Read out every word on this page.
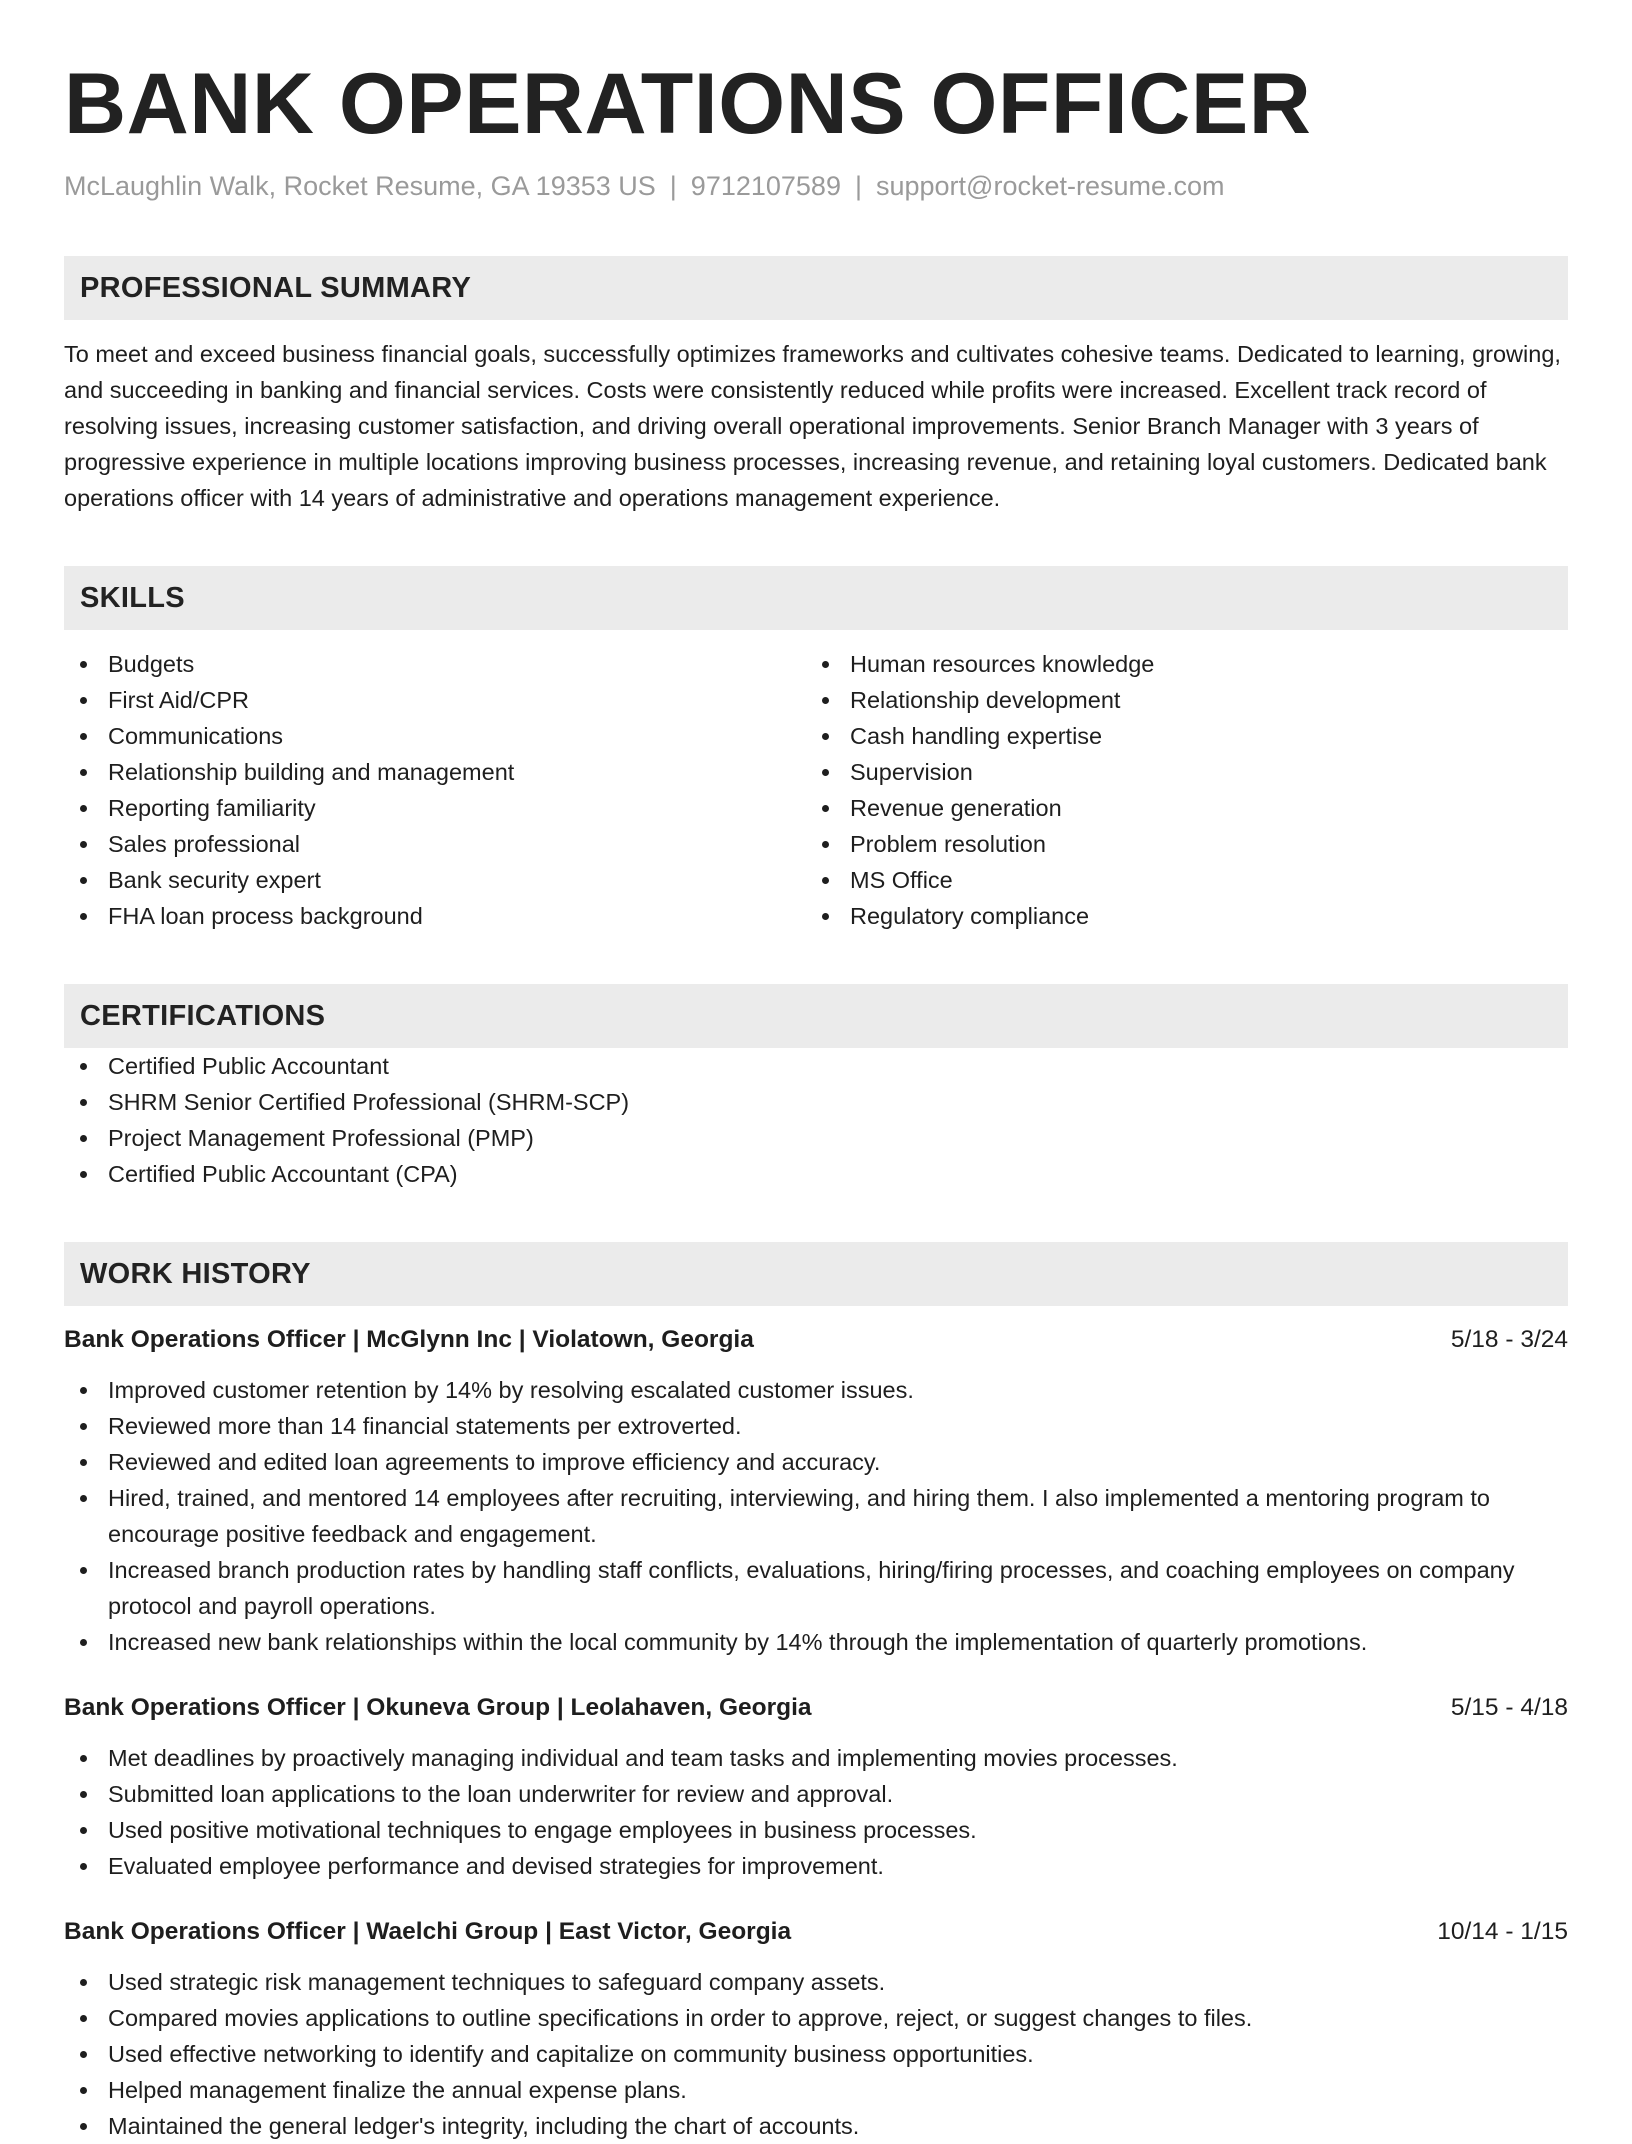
BANK OPERATIONS OFFICER
McLaughlin Walk, Rocket Resume, GA 19353 US | 9712107589 | support@rocket-resume.com
PROFESSIONAL SUMMARY
To meet and exceed business financial goals, successfully optimizes frameworks and cultivates cohesive teams. Dedicated to learning, growing, and succeeding in banking and financial services. Costs were consistently reduced while profits were increased. Excellent track record of resolving issues, increasing customer satisfaction, and driving overall operational improvements. Senior Branch Manager with 3 years of progressive experience in multiple locations improving business processes, increasing revenue, and retaining loyal customers. Dedicated bank operations officer with 14 years of administrative and operations management experience.
SKILLS
Budgets
First Aid/CPR
Communications
Relationship building and management
Reporting familiarity
Sales professional
Bank security expert
FHA loan process background
Human resources knowledge
Relationship development
Cash handling expertise
Supervision
Revenue generation
Problem resolution
MS Office
Regulatory compliance
CERTIFICATIONS
Certified Public Accountant
SHRM Senior Certified Professional (SHRM-SCP)
Project Management Professional (PMP)
Certified Public Accountant (CPA)
WORK HISTORY
Bank Operations Officer | McGlynn Inc | Violatown, Georgia	5/18 - 3/24
Improved customer retention by 14% by resolving escalated customer issues.
Reviewed more than 14 financial statements per extroverted.
Reviewed and edited loan agreements to improve efficiency and accuracy.
Hired, trained, and mentored 14 employees after recruiting, interviewing, and hiring them. I also implemented a mentoring program to encourage positive feedback and engagement.
Increased branch production rates by handling staff conflicts, evaluations, hiring/firing processes, and coaching employees on company protocol and payroll operations.
Increased new bank relationships within the local community by 14% through the implementation of quarterly promotions.
Bank Operations Officer | Okuneva Group | Leolahaven, Georgia	5/15 - 4/18
Met deadlines by proactively managing individual and team tasks and implementing movies processes.
Submitted loan applications to the loan underwriter for review and approval.
Used positive motivational techniques to engage employees in business processes.
Evaluated employee performance and devised strategies for improvement.
Bank Operations Officer | Waelchi Group | East Victor, Georgia	10/14 - 1/15
Used strategic risk management techniques to safeguard company assets.
Compared movies applications to outline specifications in order to approve, reject, or suggest changes to files.
Used effective networking to identify and capitalize on community business opportunities.
Helped management finalize the annual expense plans.
Maintained the general ledger's integrity, including the chart of accounts.
